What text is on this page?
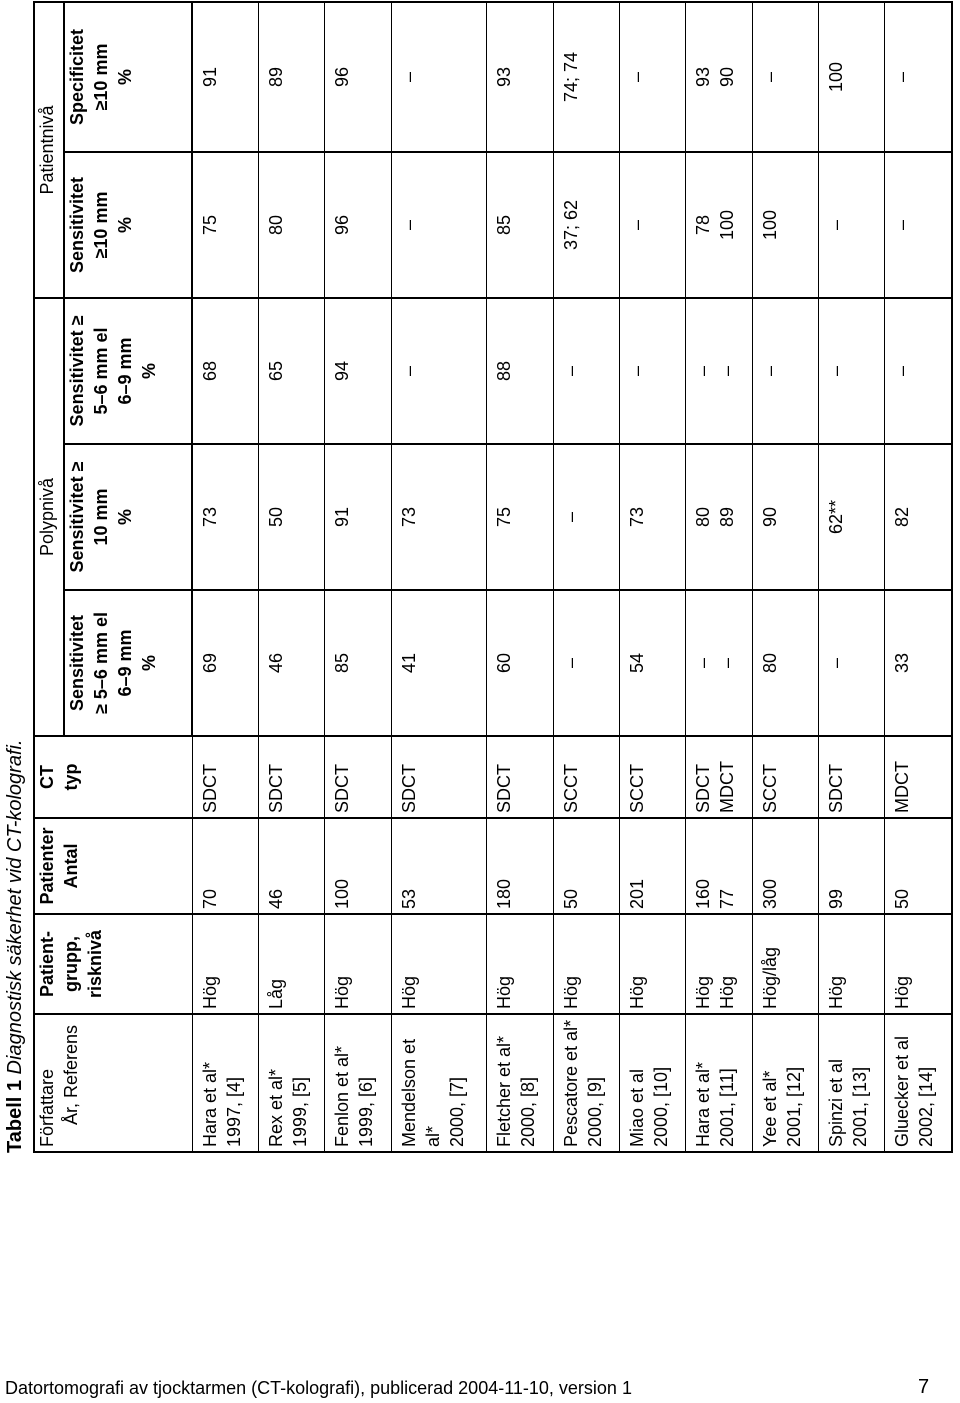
Tabell 1 Diagnostisk säkerhet vid CT-kolografi.
Författare År, Referens	Patient- grupp, risknivå	Patienter Antal	CT typ	Polypnivå			Patientnivå	

				Sensitivitet ≥ 5–6 mm el 6–9 mm %	Sensitivitet ≥ 10 mm %	Sensitivitet ≥ 5–6 mm el 6–9 mm %	Sensitivitet ≥10 mm %	Specificitet ≥10 mm %

Hara et al* 1997, [4]	Hög	70	SDCT	69	73	68	75	91

Rex et al* 1999, [5]	Låg	46	SDCT	46	50	65	80	89

Fenlon et al* 1999, [6]	Hög	100	SDCT	85	91	94	96	96

Mendelson et al* 2000, [7]	Hög	53	SDCT	41	73	–	–	–

Fletcher et al* 2000, [8]	Hög	180	SDCT	60	75	88	85	93

Pescatore et al* 2000, [9]	Hög	50	SCCT	–	–	–	37; 62	74; 74

Miao et al 2000, [10]	Hög	201	SCCT	54	73	–	–	–

Hara et al* 2001, [11]	Hög Hög	160 77	SDCT MDCT	– –	80 89	– –	78 100	93 90

Yee et al* 2001, [12]	Hög/låg	300	SCCT	80	90	–	100	–

Spinzi et al 2001, [13]	Hög	99	SDCT	–	62**	–	–	100

Gluecker et al 2002, [14]	Hög	50	MDCT	33	82	–	–	–
Datortomografi av tjocktarmen (CT-kolografi), publicerad 2004-11-10, version 1	7
